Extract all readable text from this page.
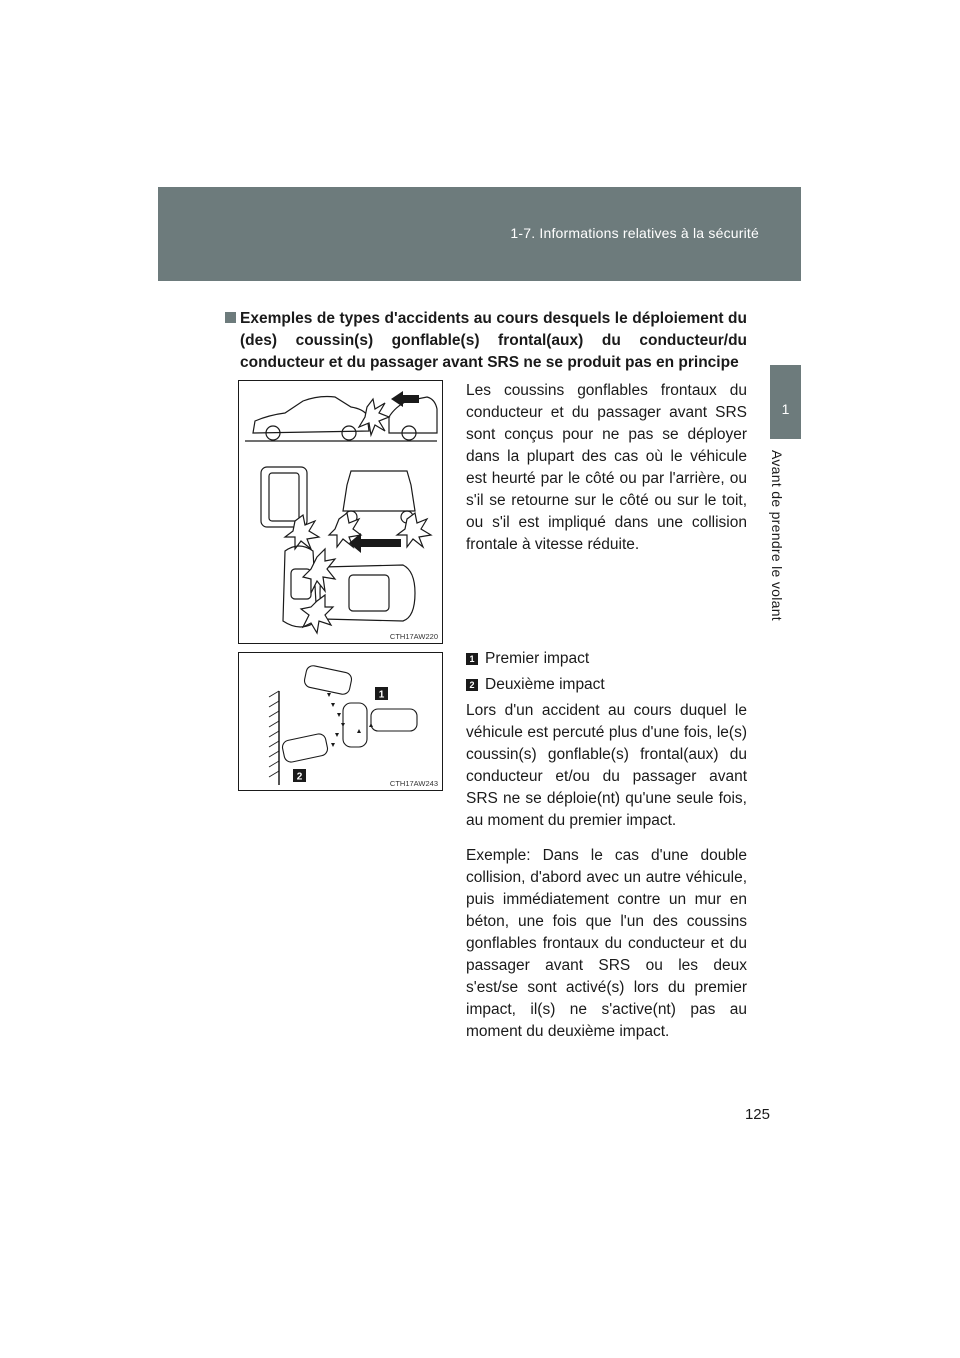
1-7. Informations relatives à la sécurité
1
Avant de prendre le volant
Exemples de types d'accidents au cours desquels le déploiement du (des) coussin(s) gonflable(s) frontal(aux) du conducteur/du conducteur et du passager avant SRS ne se produit pas en principe
CTH17AW220
1
2
CTH17AW243
Les coussins gonflables frontaux du conducteur et du passager avant SRS sont conçus pour ne pas se déployer dans la plupart des cas où le véhicule est heurté par le côté ou par l'arrière, ou s'il se retourne sur le côté ou sur le toit, ou s'il est impliqué dans une collision frontale à vitesse réduite.
1 Premier impact
2 Deuxième impact
Lors d'un accident au cours duquel le véhicule est percuté plus d'une fois, le(s) coussin(s) gonflable(s) frontal(aux) du conducteur et/ou du passager avant SRS ne se déploie(nt) qu'une seule fois, au moment du premier impact.
Exemple: Dans le cas d'une double collision, d'abord avec un autre véhicule, puis immédiatement contre un mur en béton, une fois que l'un des coussins gonflables frontaux du conducteur et du passager avant SRS ou les deux s'est/se sont activé(s) lors du premier impact, il(s) ne s'active(nt) pas au moment du deuxième impact.
125
